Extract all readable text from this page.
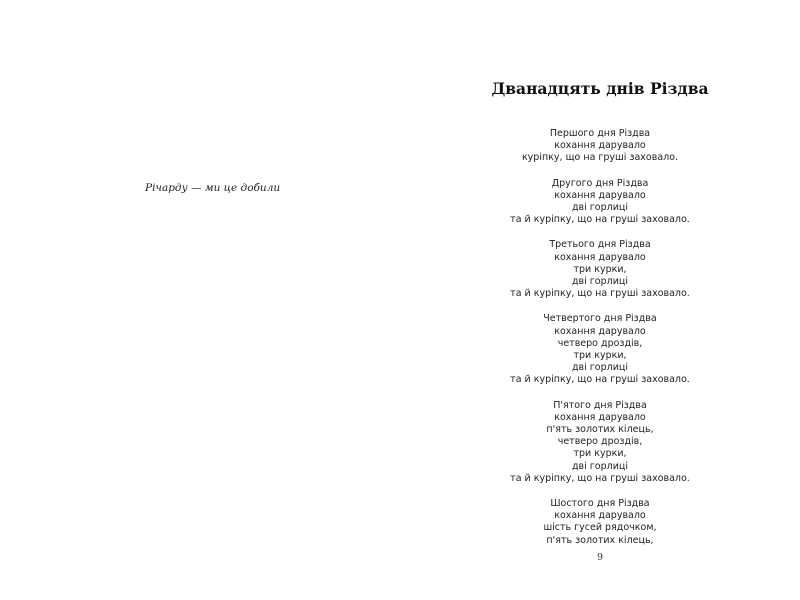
Річарду — ми це добили
Дванадцять днів Різдва
Першого дня Різдва
кохання дарувало
куріпку, що на груші заховало.
Другого дня Різдва
кохання дарувало
дві горлиці
та й куріпку, що на груші заховало.
Третього дня Різдва
кохання дарувало
три курки,
дві горлиці
та й куріпку, що на груші заховало.
Четвертого дня Різдва
кохання дарувало
четверо дроздів,
три курки,
дві горлиці
та й куріпку, що на груші заховало.
П'ятого дня Різдва
кохання дарувало
п'ять золотих кілець,
четверо дроздів,
три курки,
дві горлиці
та й куріпку, що на груші заховало.
Шостого дня Різдва
кохання дарувало
шість гусей рядочком,
п'ять золотих кілець,
9
